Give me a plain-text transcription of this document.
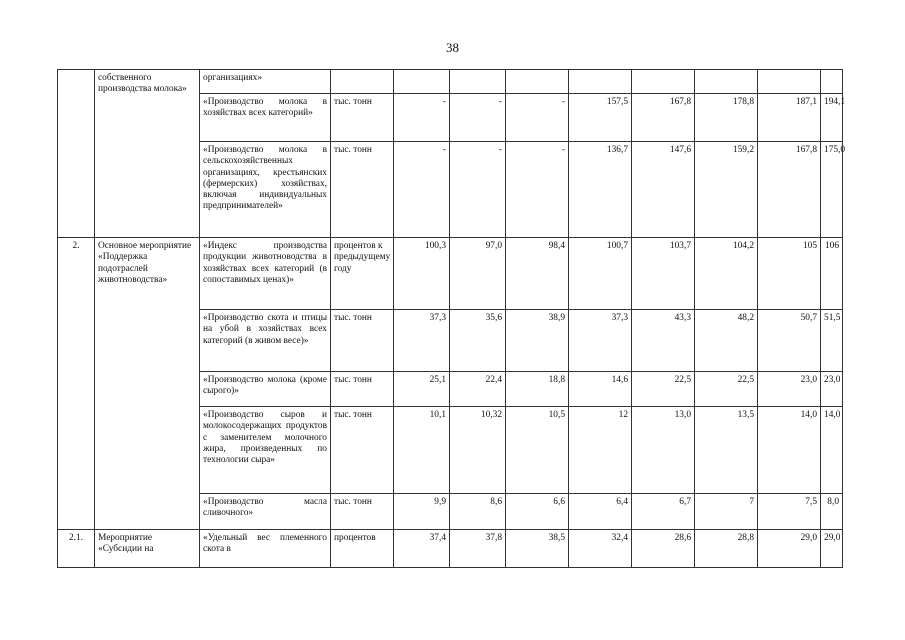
38
	собственного производства молока»	организациях»									
		«Производство молока в хозяйствах всех категорий»	тыс. тонн	-	-	-	157,5	167,8	178,8	187,1	194,1
		«Производство молока в сельскохозяйственных организациях, крестьянских (фермерских) хозяйствах, включая индивидуальных предпринимателей»	тыс. тонн	-	-	-	136,7	147,6	159,2	167,8	175,0
2.	Основное мероприятие «Поддержка подотраслей животноводства»	«Индекс производства продукции животноводства в хозяйствах всех категорий (в сопоставимых ценах)»	процентов к предыдущему году	100,3	97,0	98,4	100,7	103,7	104,2	105	106
		«Производство скота и птицы на убой в хозяйствах всех категорий (в живом весе)»	тыс. тонн	37,3	35,6	38,9	37,3	43,3	48,2	50,7	51,5
		«Производство молока (кроме сырого)»	тыс. тонн	25,1	22,4	18,8	14,6	22,5	22,5	23,0	23,0
		«Производство сыров и молокосодержащих продуктов с заменителем молочного жира, произведенных по технологии сыра»	тыс. тонн	10,1	10,32	10,5	12	13,0	13,5	14,0	14,0
		«Производство масла сливочного»	тыс. тонн	9,9	8,6	6,6	6,4	6,7	7	7,5	8,0
2.1.	Мероприятие «Субсидии на	«Удельный вес племенного скота в	процентов	37,4	37,8	38,5	32,4	28,6	28,8	29,0	29,0
